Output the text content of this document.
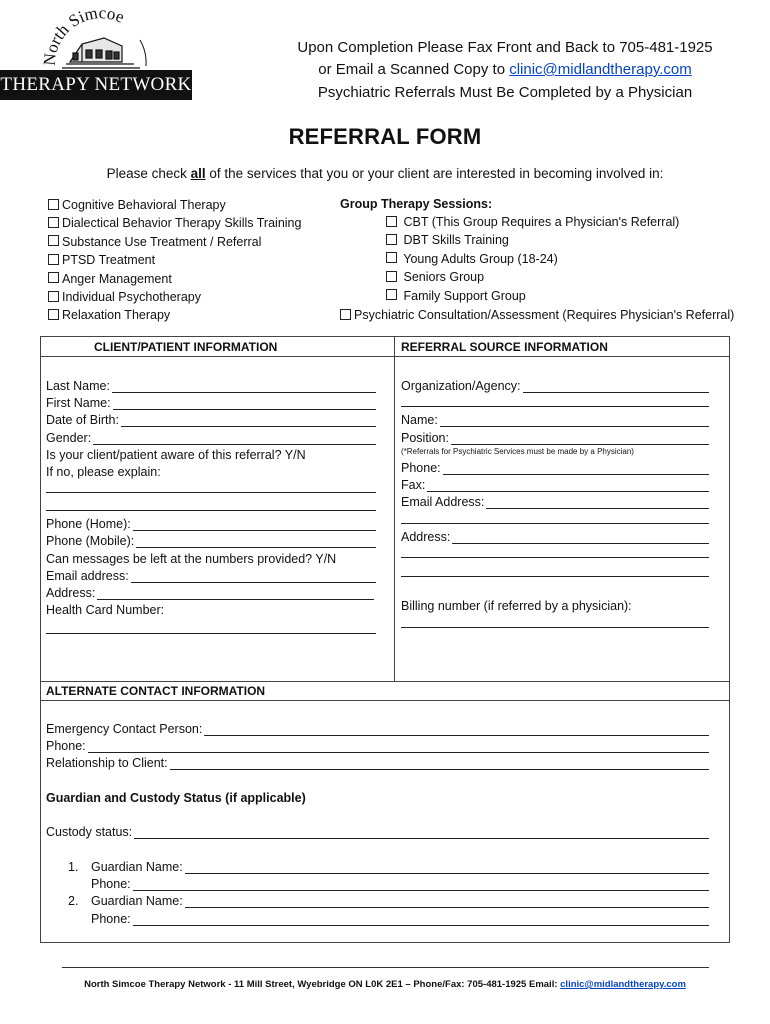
North Simcoe
THERAPY NETWORK
Upon Completion Please Fax Front and Back to 705-481-1925
or Email a Scanned Copy to clinic@midlandtherapy.com
Psychiatric Referrals Must Be Completed by a Physician
REFERRAL FORM
Please check all of the services that you or your client are interested in becoming involved in:
Cognitive Behavioral Therapy
Dialectical Behavior Therapy Skills Training
Substance Use Treatment / Referral
PTSD Treatment
Anger Management
Individual Psychotherapy
Relaxation Therapy
Group Therapy Sessions:
CBT (This Group Requires a Physician's Referral)
DBT Skills Training
Young Adults Group (18-24)
Seniors Group
Family Support Group
Psychiatric Consultation/Assessment (Requires Physician's Referral)
CLIENT/PATIENT INFORMATION	REFERRAL SOURCE INFORMATION
Last Name:
First Name:
Date of Birth:
Gender:
Is your client/patient aware of this referral? Y/N
If no, please explain:
Phone (Home):
Phone (Mobile):
Can messages be left at the numbers provided? Y/N
Email address:
Address:
Health Card Number:
Organization/Agency:
Name:
Position:
(*Referrals for Psychiatric Services must be made by a Physician)
Phone:
Fax:
Email Address:
Address:
Billing number (if referred by a physician):
ALTERNATE CONTACT INFORMATION
Emergency Contact Person:
Phone:
Relationship to Client:
Guardian and Custody Status (if applicable)
Custody status:
1. Guardian Name:
Phone:
2. Guardian Name:
Phone:
North Simcoe Therapy Network - 11 Mill Street, Wyebridge ON L0K 2E1 – Phone/Fax: 705-481-1925 Email: clinic@midlandtherapy.com
